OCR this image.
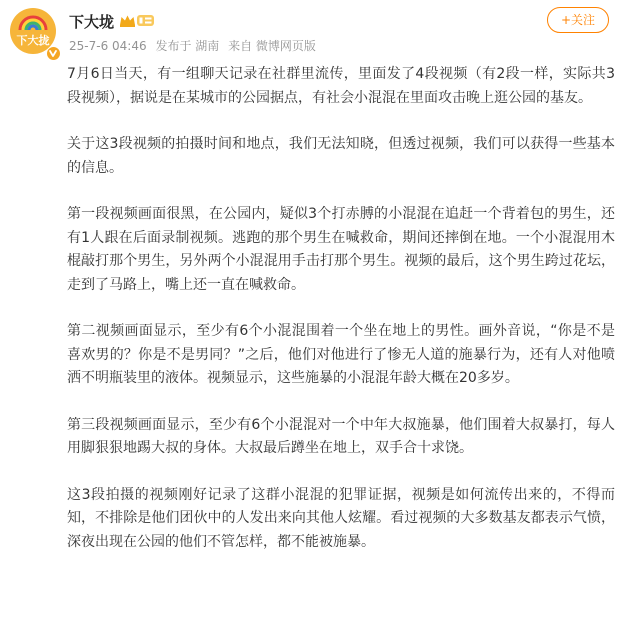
下大拢
下大垅
25-7-6 04:46 发布于 湖南 来自 微博网页版
+关注

7月6日当天，有一组聊天记录在社群里流传，里面发了4段视频（有2段一样，实际共3段视频），据说是在某城市的公园据点，有社会小混混在里面攻击晚上逛公园的基友。

关于这3段视频的拍摄时间和地点，我们无法知晓，但透过视频，我们可以获得一些基本的信息。

第一段视频画面很黑，在公园内，疑似3个打赤膊的小混混在追赶一个背着包的男生，还有1人跟在后面录制视频。逃跑的那个男生在喊救命，期间还摔倒在地。一个小混混用木棍敲打那个男生，另外两个小混混用手击打那个男生。视频的最后，这个男生跨过花坛，走到了马路上，嘴上还一直在喊救命。

第二视频画面显示，至少有6个小混混围着一个坐在地上的男性。画外音说，“你是不是喜欢男的？你是不是男同？”之后，他们对他进行了惨无人道的施暴行为，还有人对他喷洒不明瓶装里的液体。视频显示，这些施暴的小混混年龄大概在20多岁。

第三段视频画面显示，至少有6个小混混对一个中年大叔施暴，他们围着大叔暴打，每人用脚狠狠地踢大叔的身体。大叔最后蹲坐在地上，双手合十求饶。

这3段拍摄的视频刚好记录了这群小混混的犯罪证据，视频是如何流传出来的，不得而知，不排除是他们团伙中的人发出来向其他人炫耀。看过视频的大多数基友都表示气愤，深夜出现在公园的他们不管怎样，都不能被施暴。
